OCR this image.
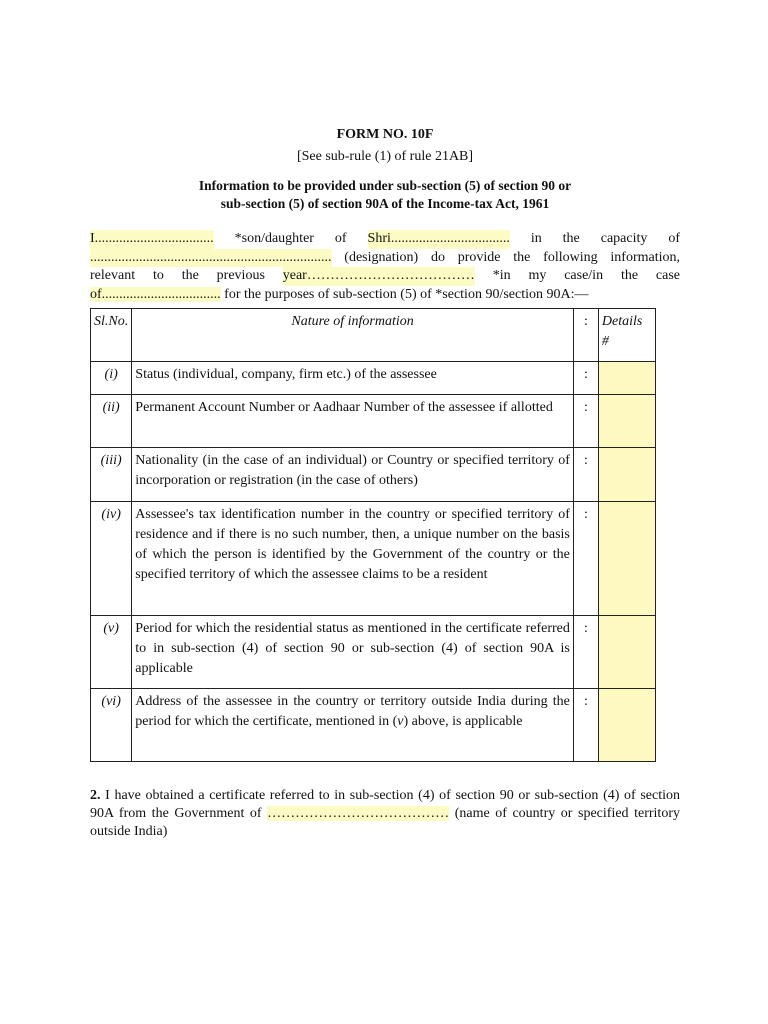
FORM NO. 10F

[See sub-rule (1) of rule 21AB]

Information to be provided under sub-section (5) of section 90 or
sub-section (5) of section 90A of the Income-tax Act, 1961

I.................................. *son/daughter of Shri.................................. in the capacity of
..................................................................... (designation) do provide the following information,
relevant to the previous year……………………………… *in my case/in the case
of.................................. for the purposes of sub-section (5) of *section 90/section 90A:—
Sl.No.	Nature of information	:	Details #
(i)	Status (individual, company, firm etc.) of the assessee	:	
(ii)	Permanent Account Number or Aadhaar Number of the assessee if allotted	:	
(iii)	Nationality (in the case of an individual) or Country or specified territory of incorporation or registration (in the case of others)	:	
(iv)	Assessee's tax identification number in the country or specified territory of residence and if there is no such number, then, a unique number on the basis of which the person is identified by the Government of the country or the specified territory of which the assessee claims to be a resident	:	
(v)	Period for which the residential status as mentioned in the certificate referred to in sub-section (4) of section 90 or sub-section (4) of section 90A is applicable	:	
(vi)	Address of the assessee in the country or territory outside India during the period for which the certificate, mentioned in (v) above, is applicable	:	

2. I have obtained a certificate referred to in sub-section (4) of section 90 or sub-section (4) of section 90A from the Government of ………………………………… (name of country or specified territory outside India)
